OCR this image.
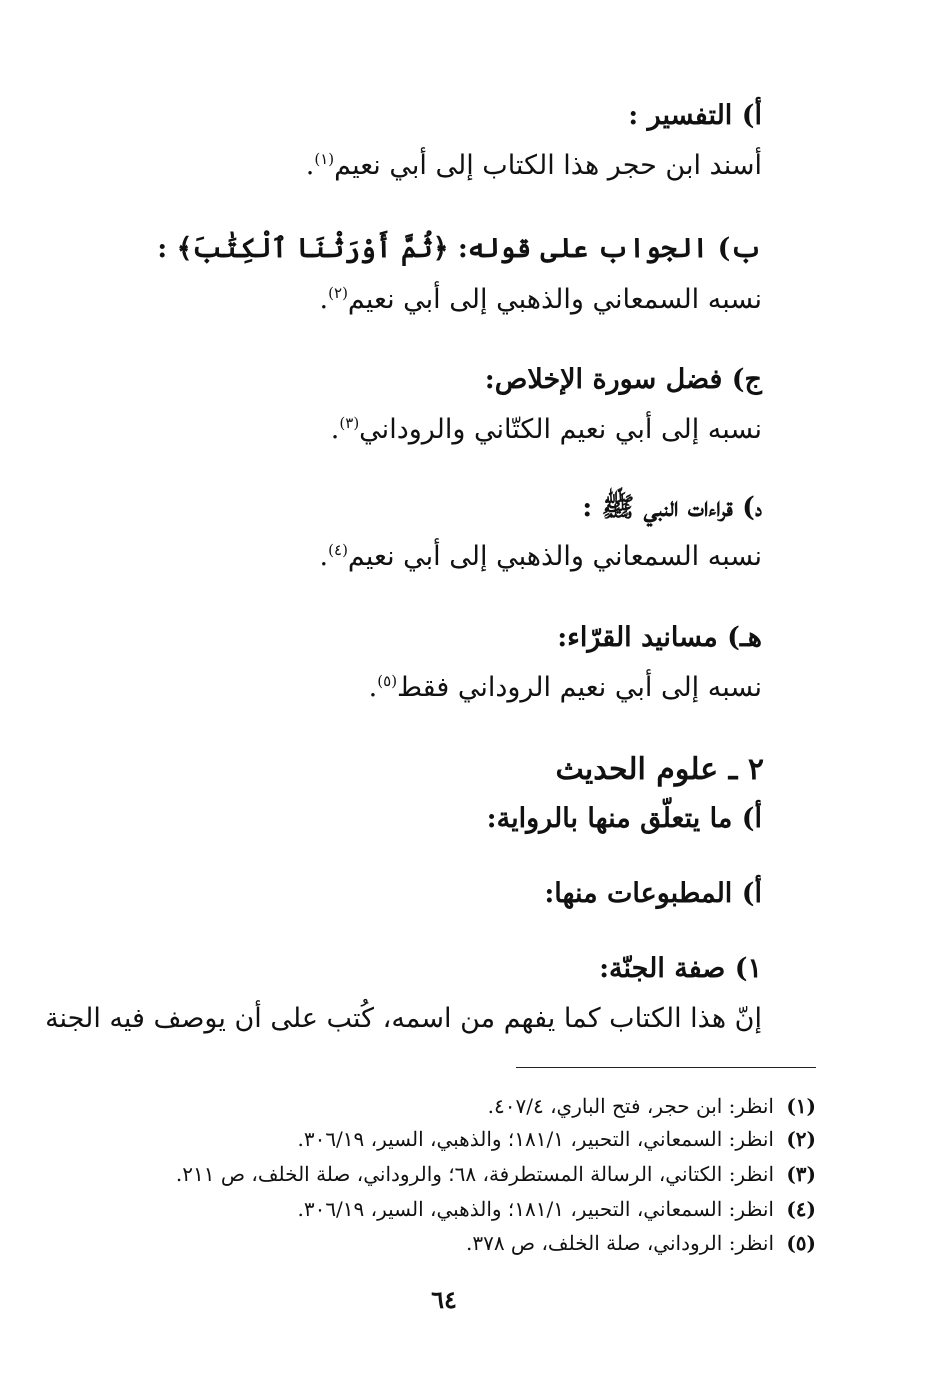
أ) التفسير :
أسند ابن حجر هذا الكتاب إلى أبي نعيم$^{(١)}$.
ب) الجواب على قوله: ﴿ثُمَّ أَوْرَثْنَا ٱلْكِتَٰبَ﴾ :
نسبه السمعاني والذهبي إلى أبي نعيم$^{(٢)}$.
ج) فضل سورة الإخلاص:
نسبه إلى أبي نعيم الكتّاني والروداني$^{(٣)}$.
د) قراءات النبي ﷺ :
نسبه السمعاني والذهبي إلى أبي نعيم$^{(٤)}$.
هـ) مسانيد القرّاء:
نسبه إلى أبي نعيم الروداني فقط$^{(٥)}$.
٢ ـ علوم الحديث
أ) ما يتعلّق منها بالرواية:
أ) المطبوعات منها:
١) صفة الجنّة:
إنّ هذا الكتاب كما يفهم من اسمه، كُتب على أن يوصف فيه الجنة
(١)انظر: ابن حجر، فتح الباري، ٤٠٧/٤.
(٢)انظر: السمعاني، التحبير، ١٨١/١؛ والذهبي، السير، ٣٠٦/١٩.
(٣)انظر: الكتاني، الرسالة المستطرفة، ٦٨؛ والروداني، صلة الخلف، ص ٢١١.
(٤)انظر: السمعاني، التحبير، ١٨١/١؛ والذهبي، السير، ٣٠٦/١٩.
(٥)انظر: الروداني، صلة الخلف، ص ٣٧٨.
٦٤
